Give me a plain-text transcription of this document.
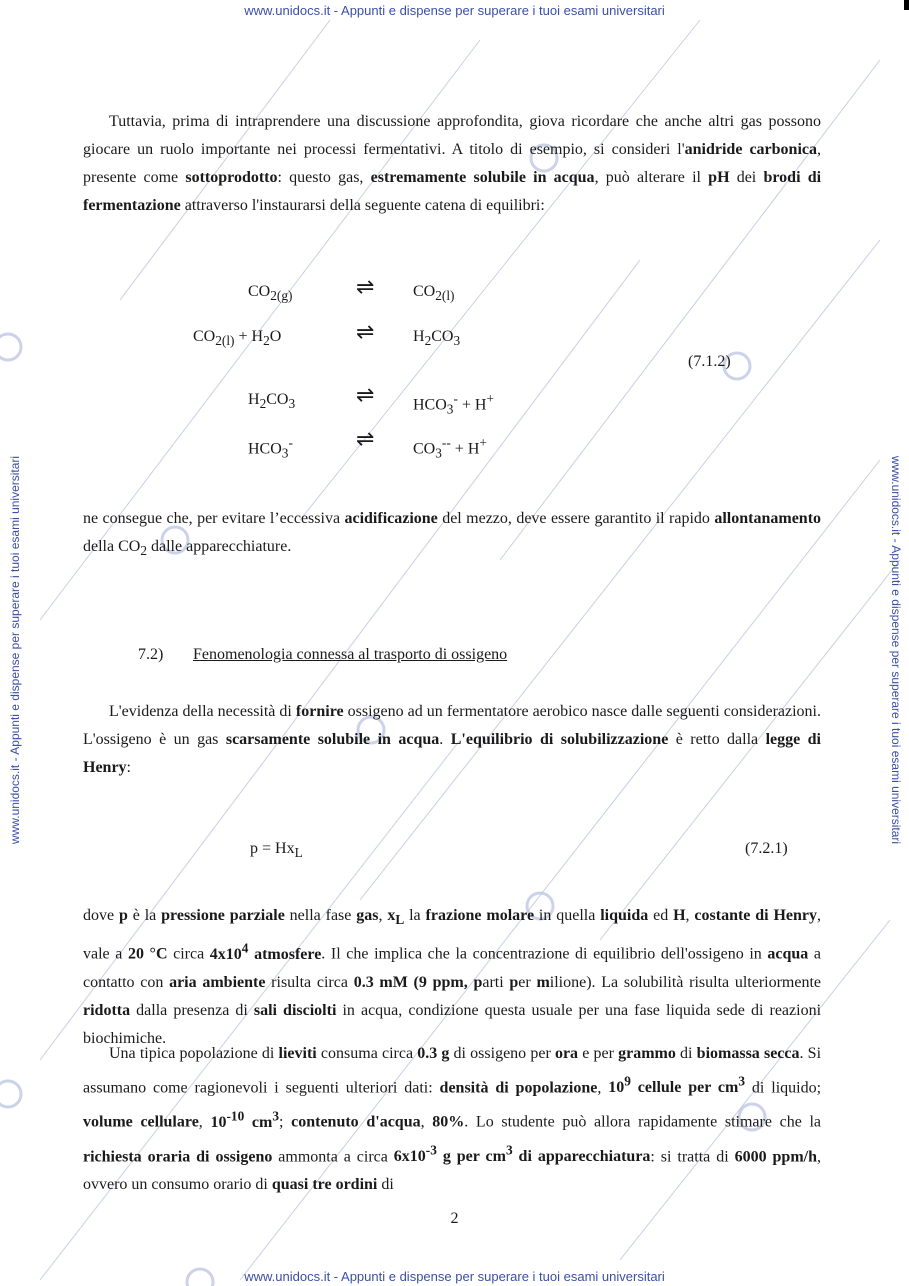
www.unidocs.it - Appunti e dispense per superare i tuoi esami universitari
www.unidocs.it - Appunti e dispense per superare i tuoi esami universitari
www.unidocs.it - Appunti e dispense per superare i tuoi esami universitari	www.unidocs.it - Appunti e dispense per superare i tuoi esami universitari
Tuttavia, prima di intraprendere una discussione approfondita, giova ricordare che anche altri gas possono giocare un ruolo importante nei processi fermentativi. A titolo di esempio, si consideri l'anidride carbonica, presente come sottoprodotto: questo gas, estremamente solubile in acqua, può alterare il pH dei brodi di fermentazione attraverso l'instaurarsi della seguente catena di equilibri:
$CO_{2(g)}$	⇌ $CO_{2(l)}$
$CO_{2(l)} + H_2O$	⇌ $H_2CO_3$
(7.1.2)
$H_2CO_3$	⇌ $HCO_3^- + H^+$
$HCO_3^-$	⇌ $CO_3^{--} + H^+$
ne consegue che, per evitare l’eccessiva acidificazione del mezzo, deve essere garantito il rapido allontanamento della $CO_2$ dalle apparecchiature.
7.2) Fenomenologia connessa al trasporto di ossigeno
L'evidenza della necessità di fornire ossigeno ad un fermentatore aerobico nasce dalle seguenti considerazioni. L'ossigeno è un gas scarsamente solubile in acqua. L'equilibrio di solubilizzazione è retto dalla legge di Henry:
$p = Hx_L$	(7.2.1)
dove p è la pressione parziale nella fase gas, $x_L$ la frazione molare in quella liquida ed H, costante di Henry, vale a 20 °C circa $4x10^4$ atmosfere. Il che implica che la concentrazione di equilibrio dell'ossigeno in acqua a contatto con aria ambiente risulta circa 0.3 mM (9 ppm, parti per milione). La solubilità risulta ulteriormente ridotta dalla presenza di sali disciolti in acqua, condizione questa usuale per una fase liquida sede di reazioni biochimiche.
Una tipica popolazione di lieviti consuma circa 0.3 g di ossigeno per ora e per grammo di biomassa secca. Si assumano come ragionevoli i seguenti ulteriori dati: densità di popolazione, $10^9$ cellule per $cm^3$ di liquido; volume cellulare, $10^{-10}$ $cm^3$; contenuto d'acqua, 80%. Lo studente può allora rapidamente stimare che la richiesta oraria di ossigeno ammonta a circa $6x10^{-3}$ g per $cm^3$ di apparecchiatura: si tratta di 6000 ppm/h, ovvero un consumo orario di quasi tre ordini di
2
